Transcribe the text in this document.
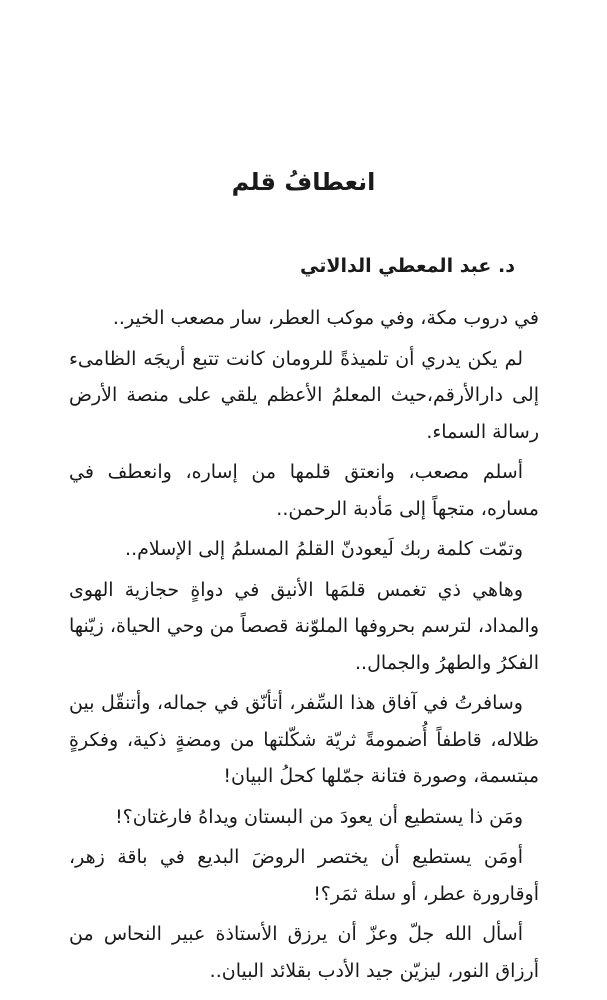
انعطافُ قلم
د. عبد المعطي الدالاتي

في دروب مكة، وفي موكب العطر، سار مصعب الخير..

لم يكن يدري أن تلميذةً للرومان كانت تتبع أريجَه الظامىء إلى دارالأرقم،حيث المعلمُ الأعظم يلقي على منصة الأرض رسالة السماء.

أسلم مصعب، وانعتق قلمها من إساره، وانعطف في مساره، متجهاً إلى مَأدبة الرحمن..

وتمّت كلمة ربك لَيعودنّ القلمُ المسلمُ إلى الإسلام..

وهاهي ذي تغمس قلمَها الأنيق في دواةٍ حجازية الهوى والمداد، لترسم بحروفها الملوّنة قصصاً من وحي الحياة، زيّنها الفكرُ والطهرُ والجمال..

وسافرتُ في آفاق هذا السِّفر، أتأنّق في جماله، وأتنقّل بين ظلاله، قاطفاً أُضمومةً ثريّة شكّلتها من ومضةٍ ذكية، وفكرةٍ مبتسمة، وصورة فتانة جمّلها كحلُ البيان!

ومَن ذا يستطيع أن يعودَ من البستان ويداهُ فارغتان؟!

أومَن يستطيع أن يختصر الروضَ البديع في باقة زهر، أوقارورة عطر، أو سلة ثمَر؟!

أسأل الله جلّ وعزّ أن يرزق الأستاذة عبير النحاس من أرزاق النور، ليزيّن جيد الأدب بقلائد البيان..
